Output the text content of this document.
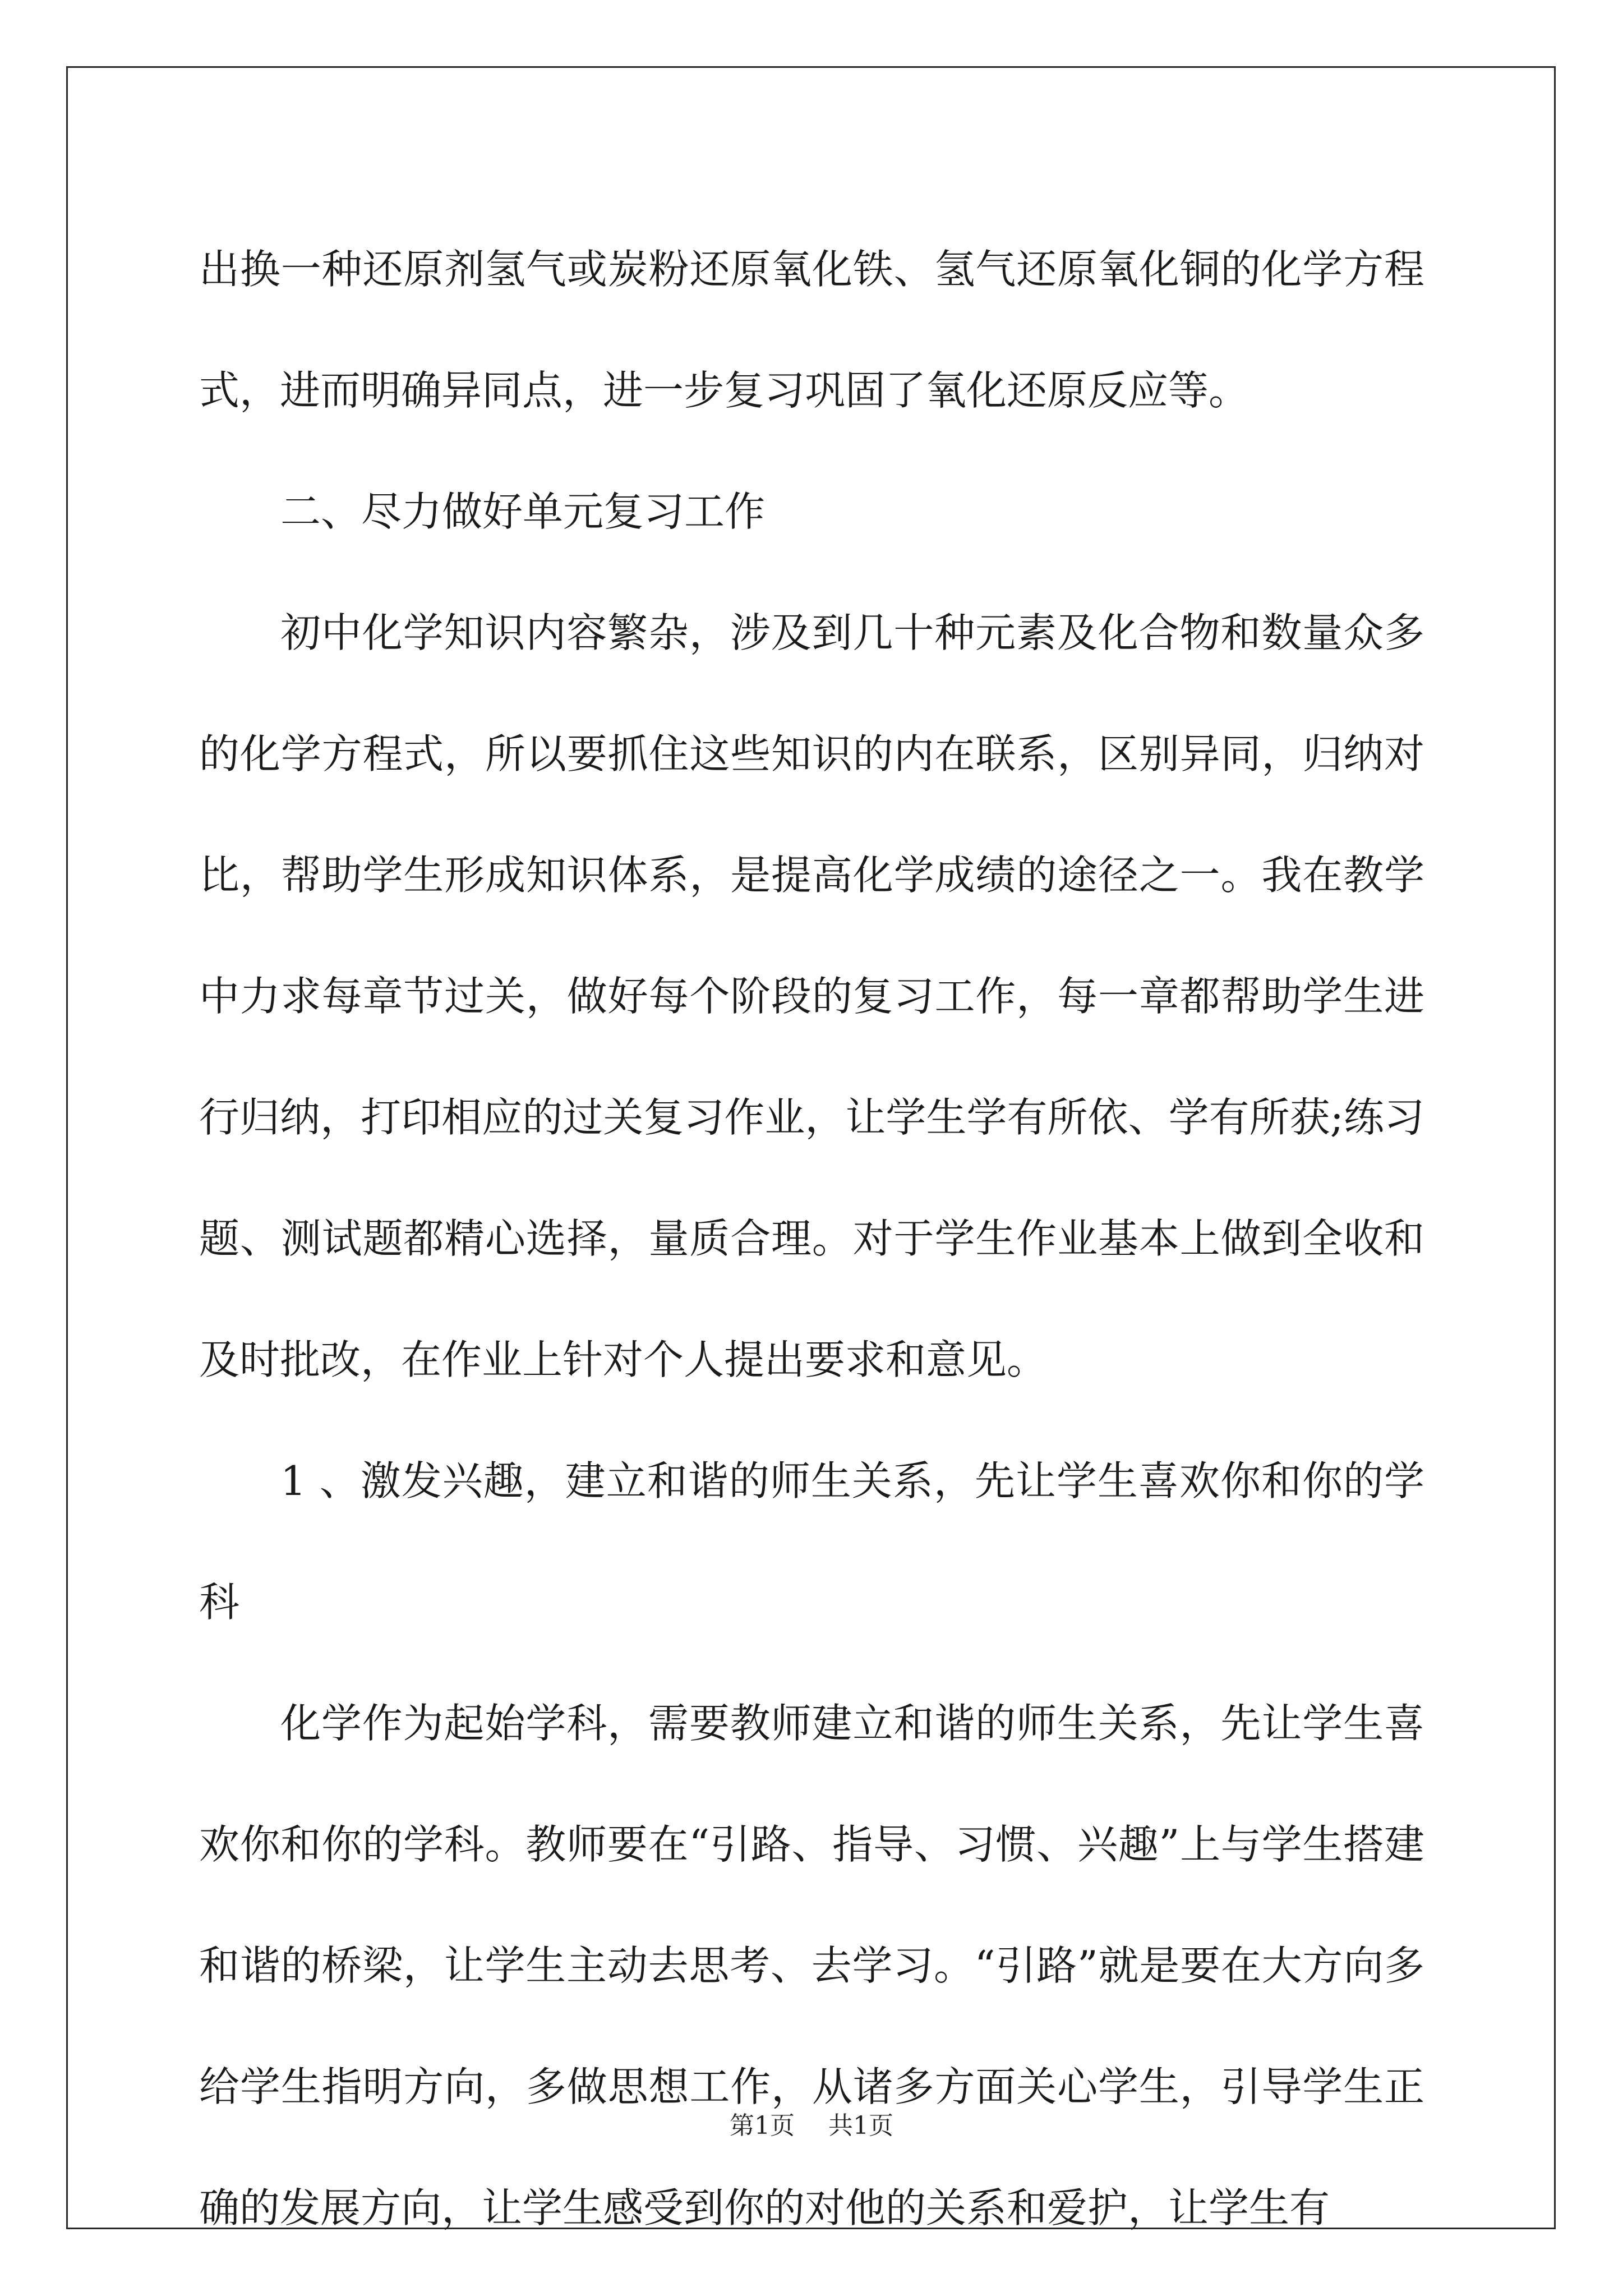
出换一种还原剂氢气或炭粉还原氧化铁、氢气还原氧化铜的化学方程式，进而明确异同点，进一步复习巩固了氧化还原反应等。

二、尽力做好单元复习工作

初中化学知识内容繁杂，涉及到几十种元素及化合物和数量众多的化学方程式，所以要抓住这些知识的内在联系，区别异同，归纳对比，帮助学生形成知识体系，是提高化学成绩的途径之一。我在教学中力求每章节过关，做好每个阶段的复习工作，每一章都帮助学生进行归纳，打印相应的过关复习作业，让学生学有所依、学有所获;练习题、测试题都精心选择，量质合理。对于学生作业基本上做到全收和及时批改，在作业上针对个人提出要求和意见。

1 、激发兴趣，建立和谐的师生关系，先让学生喜欢你和你的学科

化学作为起始学科，需要教师建立和谐的师生关系，先让学生喜欢你和你的学科。教师要在“引路、指导、习惯、兴趣”上与学生搭建和谐的桥梁，让学生主动去思考、去学习。“引路”就是要在大方向多给学生指明方向，多做思想工作，从诸多方面关心学生，引导学生正确的发展方向，让学生感受到你的对他的关系和爱护，让学生有

第1页 共1页
